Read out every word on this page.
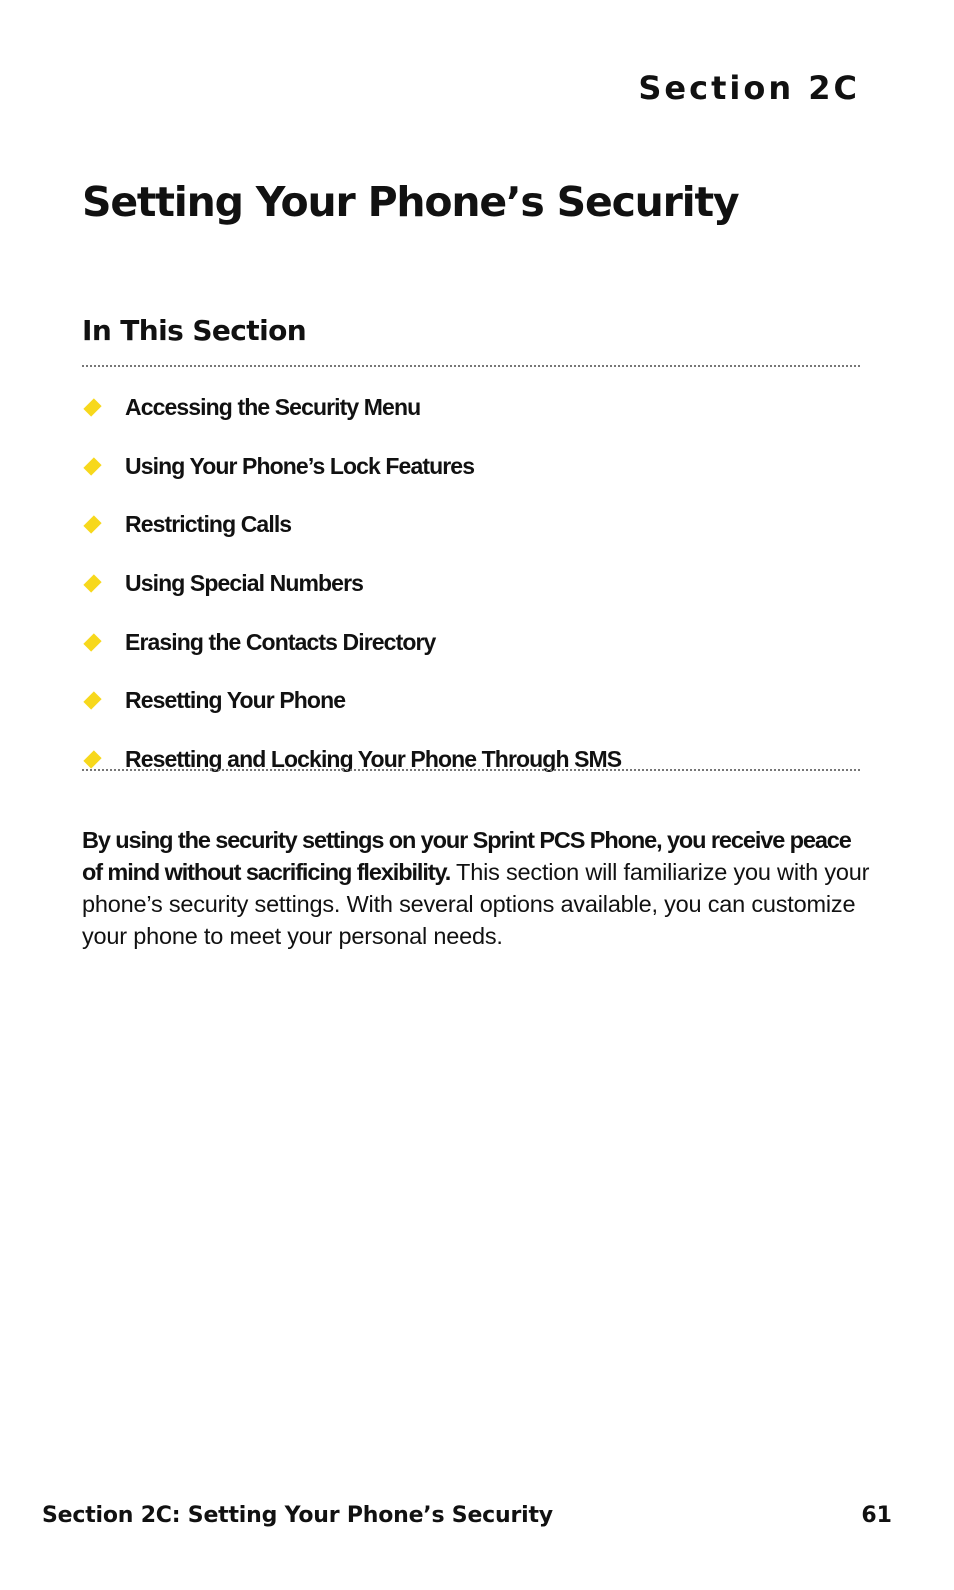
Section 2C
Setting Your Phone’s Security
In This Section
Accessing the Security Menu
Using Your Phone’s Lock Features
Restricting Calls
Using Special Numbers
Erasing the Contacts Directory
Resetting Your Phone
Resetting and Locking Your Phone Through SMS

By using the security settings on your Sprint PCS Phone, you receive peace of mind without sacrificing flexibility. This section will familiarize you with your phone’s security settings. With several options available, you can customize your phone to meet your personal needs.

Section 2C: Setting Your Phone’s Security	61
